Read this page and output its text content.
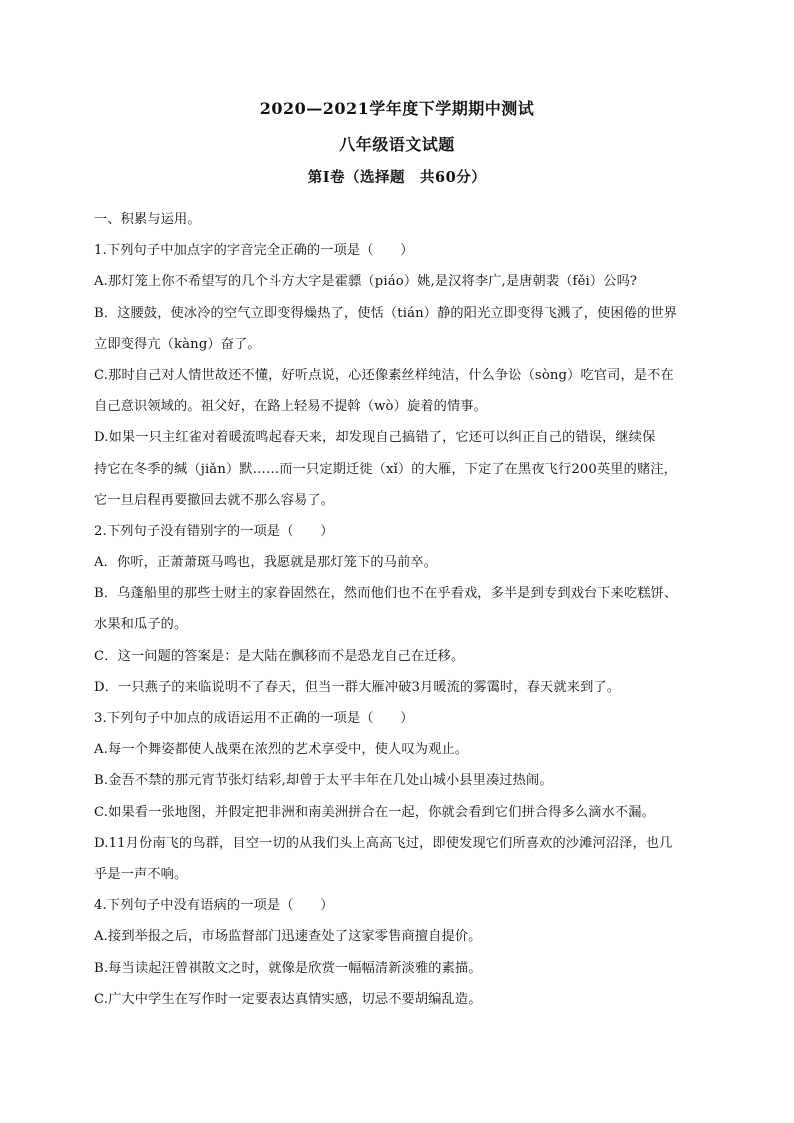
2020—2021学年度下学期期中测试
八年级语文试题
第Ⅰ卷（选择题　共60分）
一、积累与运用。
1.下列句子中加点字的字音完全正确的一项是（　　）
A.那灯笼上你不希望写的几个斗方大字是霍骠（piáo）姚,是汉将李广,是唐朝裴（fěi）公吗?
B．这腰鼓，使冰冷的空气立即变得燥热了，使恬（tián）静的阳光立即变得飞溅了，使困倦的世界
立即变得亢（kàng）奋了。
C.那时自己对人情世故还不懂，好听点说，心还像素丝样纯洁，什么争讼（sòng）吃官司，是不在
自己意识领域的。祖父好，在路上轻易不提斡（wò）旋着的情事。
D.如果一只主红雀对着暖流鸣起春天来，却发现自己搞错了，它还可以纠正自己的错误，继续保
持它在冬季的缄（jiǎn）默……而一只定期迁徙（xǐ）的大雁，下定了在黑夜飞行200英里的赌注，
它一旦启程再要撤回去就不那么容易了。
2.下列句子没有错别字的一项是（　　）
A．你听，正萧萧斑马鸣也，我愿就是那灯笼下的马前卒。
B．乌蓬船里的那些士财主的家眷固然在，然而他们也不在乎看戏，多半是到专到戏台下来吃糕饼、
水果和瓜子的。
C．这一问题的答案是：是大陆在飘移而不是恐龙自己在迁移。
D．一只燕子的来临说明不了春天，但当一群大雁冲破3月暖流的雾霭时，春天就来到了。
3.下列句子中加点的成语运用不正确的一项是（　　）
A.每一个舞姿都使人战栗在浓烈的艺术享受中，使人叹为观止。
B.金吾不禁的那元宵节张灯结彩,却曾于太平丰年在几处山城小县里凑过热闹。
C.如果看一张地图，并假定把非洲和南美洲拼合在一起，你就会看到它们拼合得多么滴水不漏。
D.11月份南飞的鸟群，目空一切的从我们头上高高飞过，即使发现它们所喜欢的沙滩河沼泽，也几
乎是一声不响。
4.下列句子中没有语病的一项是（　　）
A.接到举报之后，市场监督部门迅速查处了这家零售商擅自提价。
B.每当读起汪曾祺散文之时，就像是欣赏一幅幅清新淡雅的素描。
C.广大中学生在写作时一定要表达真情实感，切忌不要胡编乱造。
